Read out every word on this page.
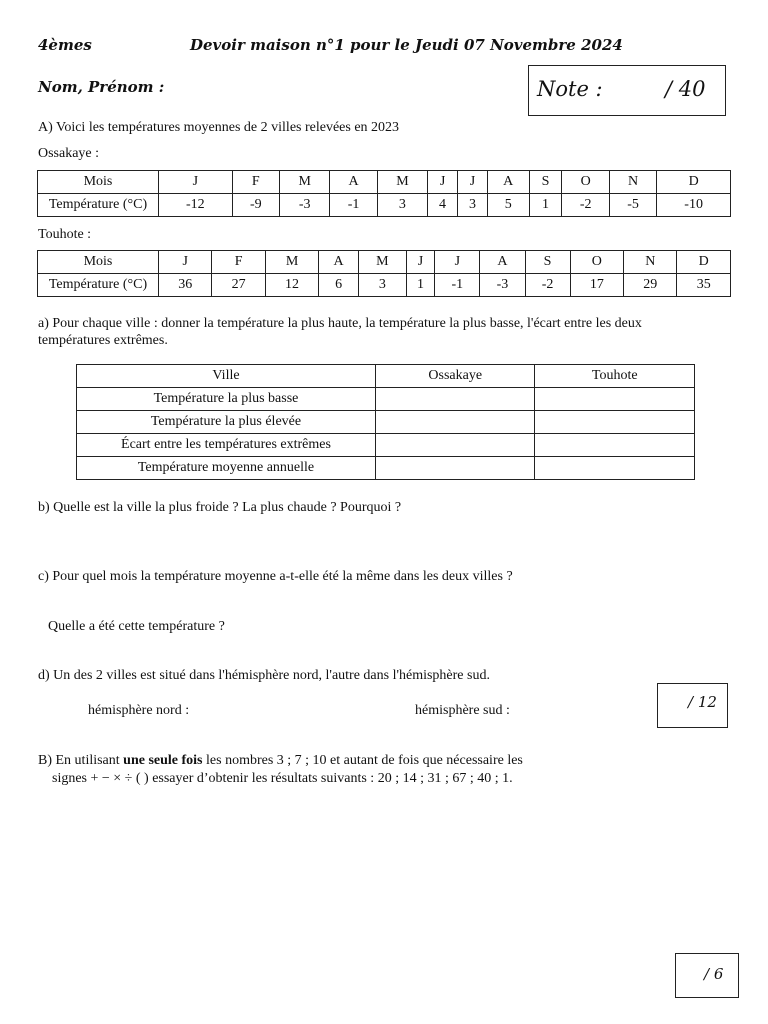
4èmes	Devoir maison n°1 pour le Jeudi 07 Novembre 2024
Nom, Prénom :	Note :	/ 40
A) Voici les températures moyennes de 2 villes relevées en 2023
Ossakaye :
Mois	J	F	M	A	M	J	J	A	S	O	N	D
Température (°C)	-12	-9	-3	-1	3	4	3	5	1	-2	-5	-10
Touhote :
Mois	J	F	M	A	M	J	J	A	S	O	N	D
Température (°C)	36	27	12	6	3	1	-1	-3	-2	17	29	35
a) Pour chaque ville : donner la température la plus haute, la température la plus basse, l'écart entre les deux
températures extrêmes.
Ville	Ossakaye	Touhote
Température la plus basse		
Température la plus élevée		
Écart entre les températures extrêmes		
Température moyenne annuelle		
b) Quelle est la ville la plus froide ? La plus chaude ? Pourquoi ?
c) Pour quel mois la température moyenne a-t-elle été la même dans les deux villes ?
Quelle a été cette température ?
d) Un des 2 villes est situé dans l'hémisphère nord, l'autre dans l'hémisphère sud.
hémisphère nord :	hémisphère sud :	/ 12
B) En utilisant une seule fois les nombres 3 ; 7 ; 10 et autant de fois que nécessaire les
signes + − × ÷ ( ) essayer d’obtenir les résultats suivants : 20 ; 14 ; 31 ; 67 ; 40 ; 1.
/ 6
